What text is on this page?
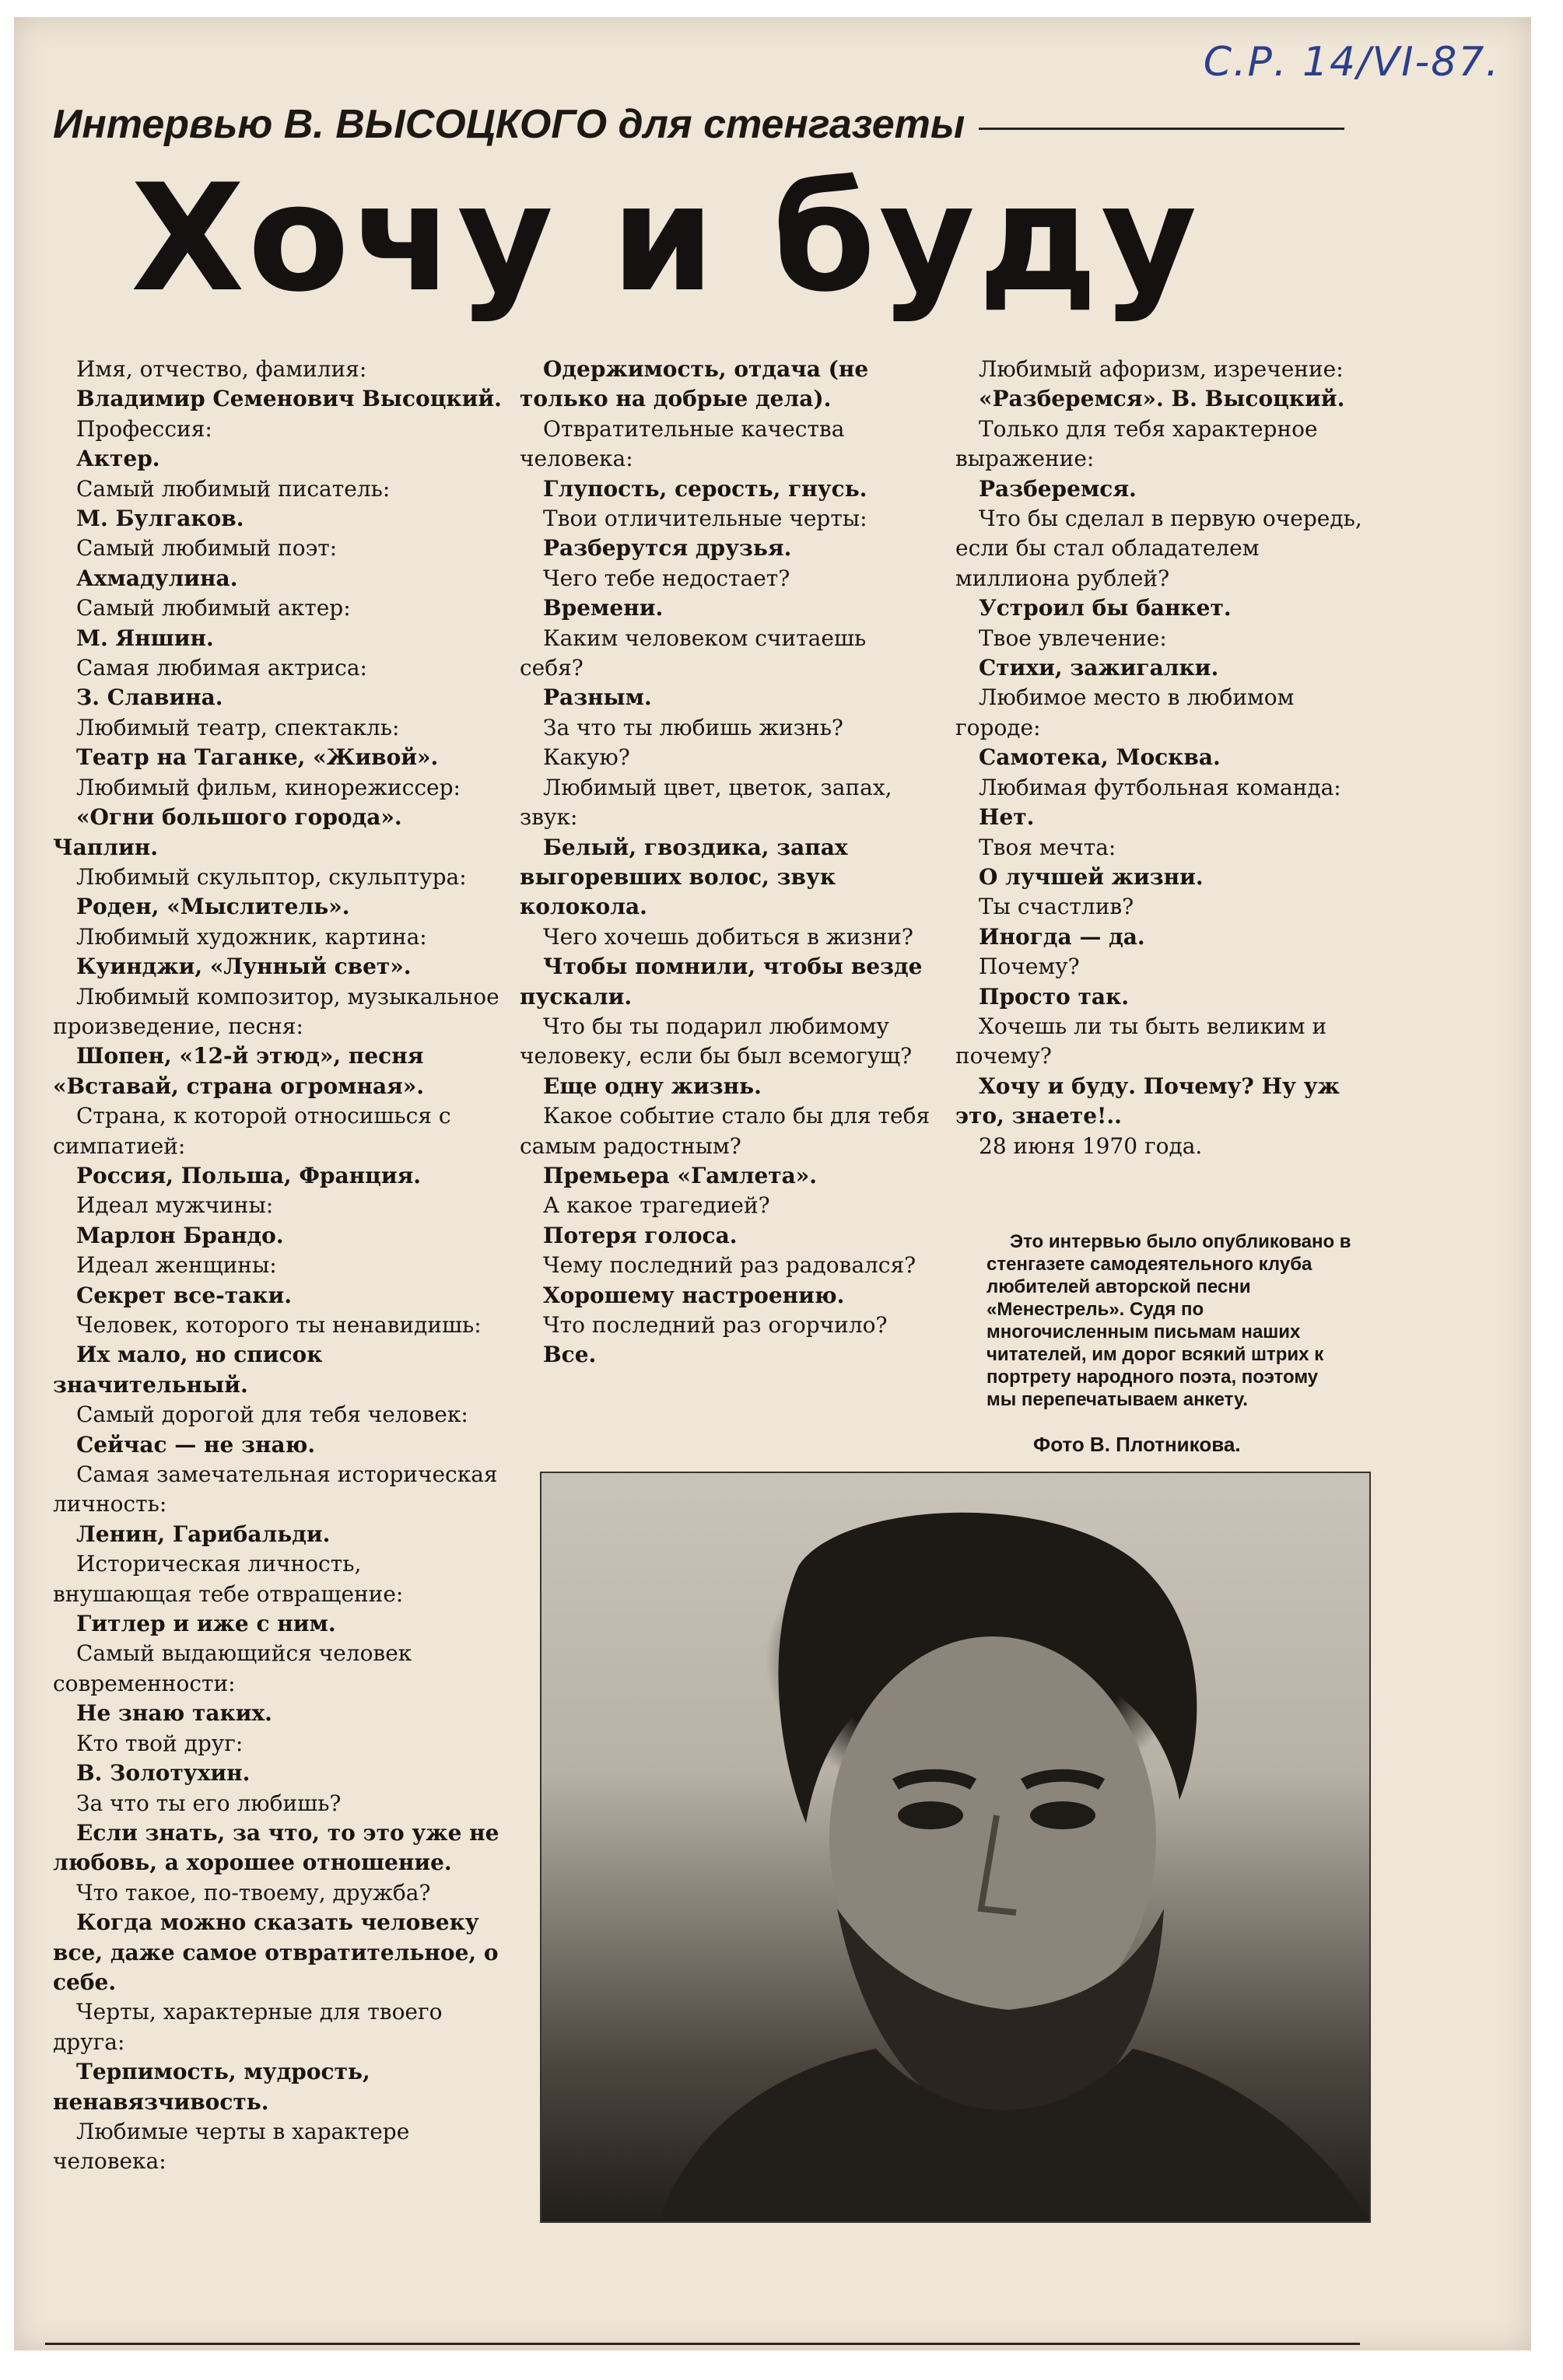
С.Р. 14/VI-87.
Интервью В. ВЫСОЦКОГО для стенгазеты
Хочу и буду

Имя, отчество, фамилия:

Владимир Семенович Высоцкий.

Профессия:

Актер.

Самый любимый писатель:

М. Булгаков.

Самый любимый поэт:

Ахмадулина.

Самый любимый актер:

М. Яншин.

Самая любимая актриса:

З. Славина.

Любимый театр, спектакль:

Театр на Таганке, «Живой».

Любимый фильм, кинорежиссер:

«Огни большого города». Чаплин.

Любимый скульптор, скульптура:

Роден, «Мыслитель».

Любимый художник, картина:

Куинджи, «Лунный свет».

Любимый композитор, музыкальное произведение, песня:

Шопен, «12-й этюд», песня «Вставай, страна огромная».

Страна, к которой относишься с симпатией:

Россия, Польша, Франция.

Идеал мужчины:

Марлон Брандо.

Идеал женщины:

Секрет все-таки.

Человек, которого ты ненавидишь:

Их мало, но список значительный.

Самый дорогой для тебя человек:

Сейчас — не знаю.

Самая замечательная историческая личность:

Ленин, Гарибальди.

Историческая личность, внушающая тебе отвращение:

Гитлер и иже с ним.

Самый выдающийся человек современности:

Не знаю таких.

Кто твой друг:

В. Золотухин.

За что ты его любишь?

Если знать, за что, то это уже не любовь, а хорошее отношение.

Что такое, по-твоему, дружба?

Когда можно сказать человеку все, даже самое отвратительное, о себе.

Черты, характерные для твоего друга:

Терпимость, мудрость, ненавязчивость.

Любимые черты в характере человека:

Одержимость, отдача (не только на добрые дела).

Отвратительные качества человека:

Глупость, серость, гнусь.

Твои отличительные черты:

Разберутся друзья.

Чего тебе недостает?

Времени.

Каким человеком считаешь себя?

Разным.

За что ты любишь жизнь?

Какую?

Любимый цвет, цветок, запах, звук:

Белый, гвоздика, запах выгоревших волос, звук колокола.

Чего хочешь добиться в жизни?

Чтобы помнили, чтобы везде пускали.

Что бы ты подарил любимому человеку, если бы был всемогущ?

Еще одну жизнь.

Какое событие стало бы для тебя самым радостным?

Премьера «Гамлета».

А какое трагедией?

Потеря голоса.

Чему последний раз радовался?

Хорошему настроению.

Что последний раз огорчило?

Все.

Любимый афоризм, изречение:

«Разберемся». В. Высоцкий.

Только для тебя характерное выражение:

Разберемся.

Что бы сделал в первую очередь, если бы стал обладателем миллиона рублей?

Устроил бы банкет.

Твое увлечение:

Стихи, зажигалки.

Любимое место в любимом городе:

Самотека, Москва.

Любимая футбольная команда:

Нет.

Твоя мечта:

О лучшей жизни.

Ты счастлив?

Иногда — да.

Почему?

Просто так.

Хочешь ли ты быть великим и почему?

Хочу и буду. Почему? Ну уж это, знаете!..

28 июня 1970 года.

Это интервью было опубликовано в стенгазете самодеятельного клуба любителей авторской песни «Менестрель». Судя по многочисленным письмам наших читателей, им дорог всякий штрих к портрету народного поэта, поэтому мы перепечатываем анкету.
Фото В. Плотникова.
